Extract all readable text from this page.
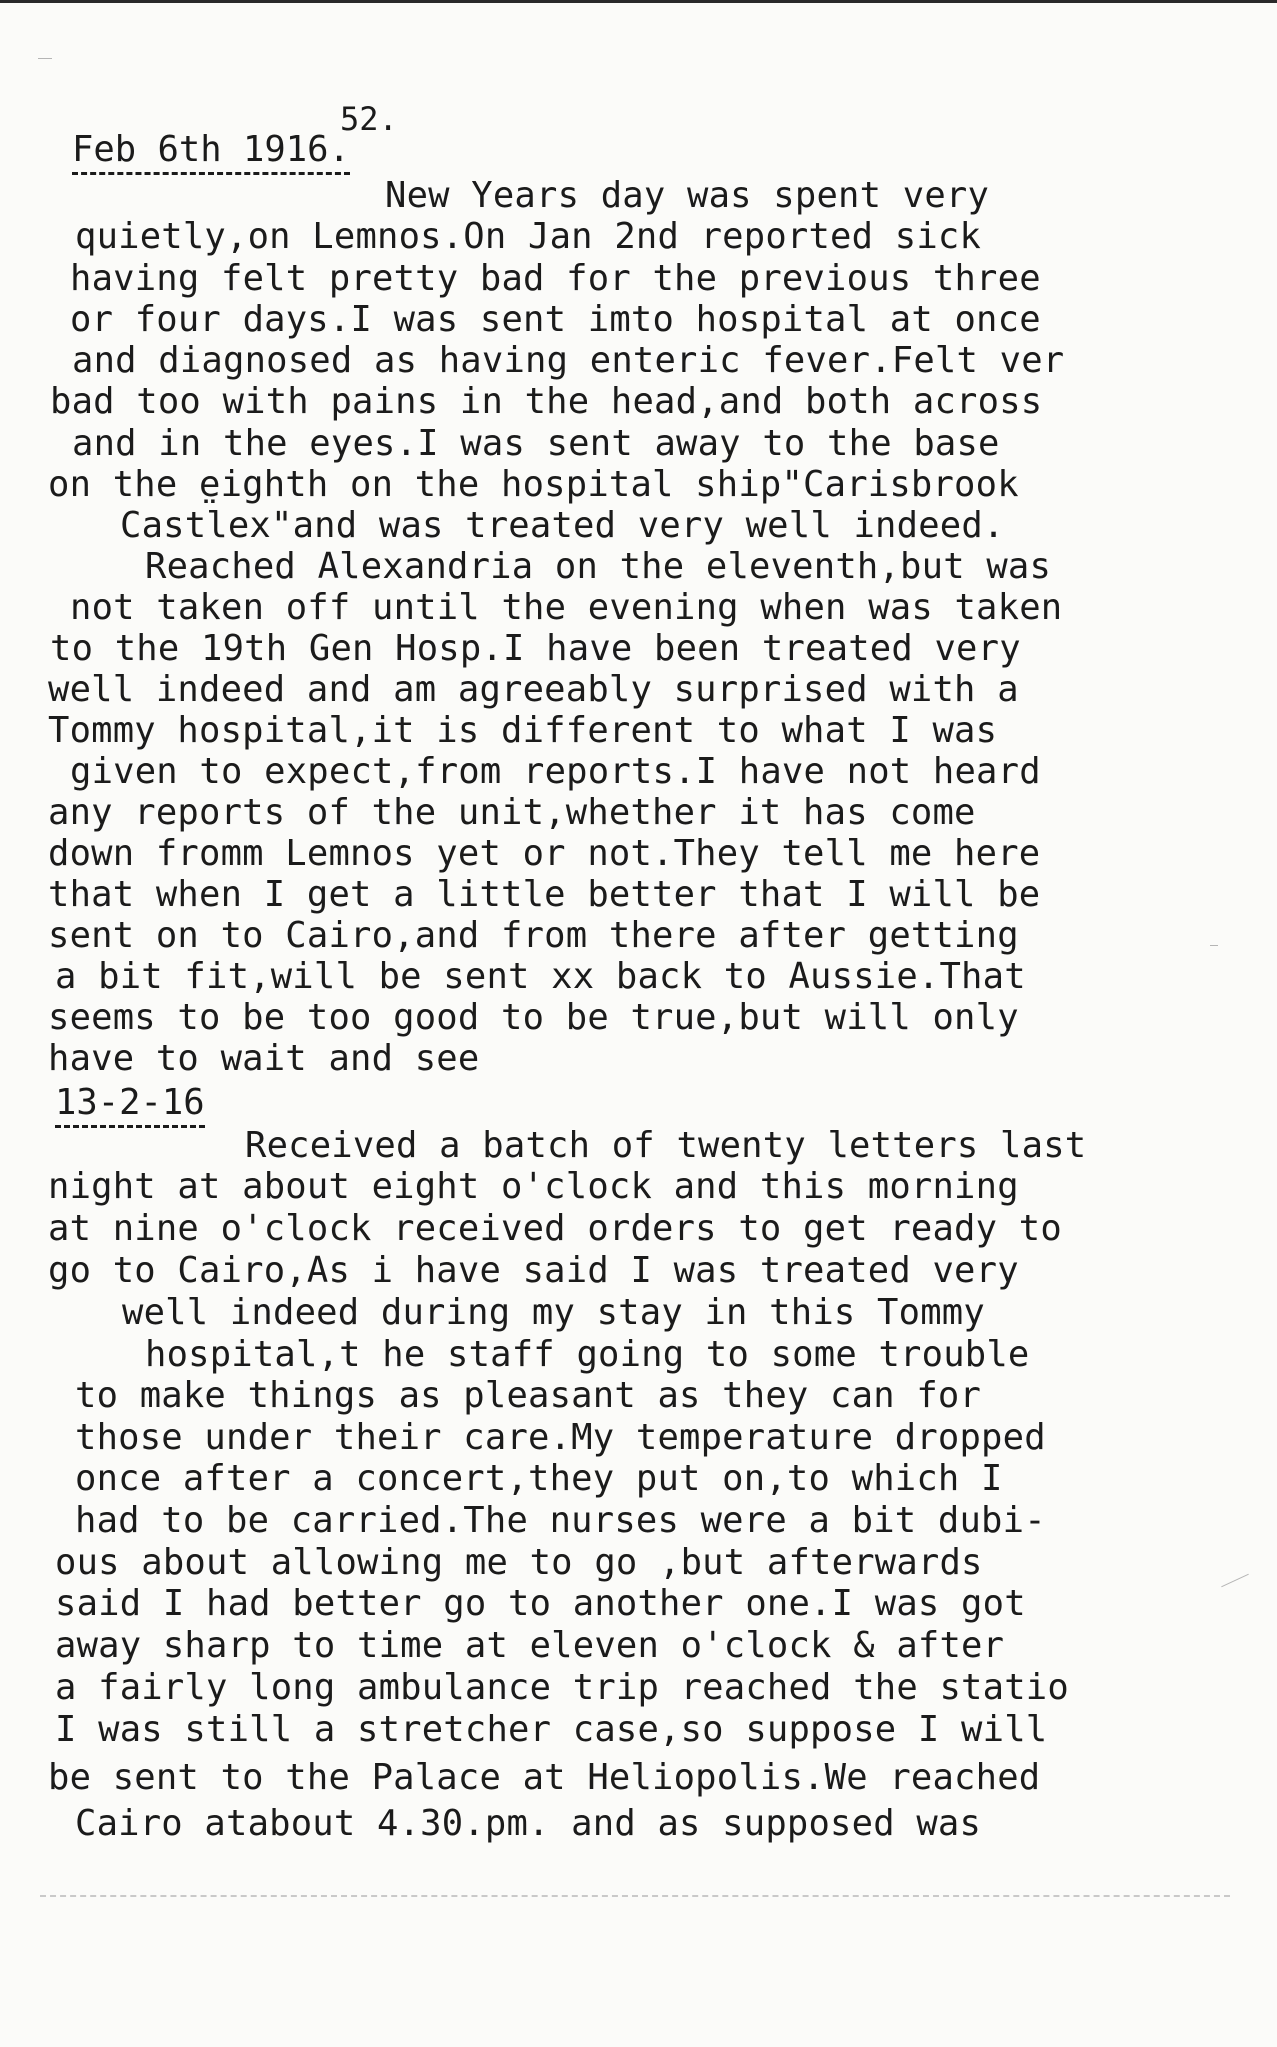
52.
Feb 6th 1916.
New Years day was spent very
quietly,on Lemnos.On Jan 2nd reported sick
having felt pretty bad for the previous three
or four days.I was sent imto hospital at once
and diagnosed as having enteric fever.Felt ver
bad too with pains in the head,and both across
and in the eyes.I was sent away to the base
on the ̤eighth on the hospital ship"Carisbrook
Castlex"and was treated very well indeed.
Reached Alexandria on the eleventh,but was
not taken off until the evening when was taken
to the 19th Gen Hosp.I have been treated very
well indeed and am agreeably surprised with a
Tommy hospital,it is different to what I was
given to expect,from reports.I have not heard
any reports of the unit,whether it has come
down fromm Lemnos yet or not.They tell me here
that when I get a little better that I will be
sent on to Cairo,and from there after getting
a bit fit,will be sent xx back to Aussie.That
seems to be too good to be true,but will only
have to wait and see
13-2-16
Received a batch of twenty letters last
night at about eight o'clock and this morning
at nine o'clock received orders to get ready to
go to Cairo,As i have said I was treated very
well indeed during my stay in this Tommy
hospital,t he staff going to some trouble
to make things as pleasant as they can for
those under their care.My temperature dropped
once after a concert,they put on,to which I
had to be carried.The nurses were a bit dubi-
ous about allowing me to go ,but afterwards
said I had better go to another one.I was got
away sharp to time at eleven o'clock & after
a fairly long ambulance trip reached the statio
I was still a stretcher case,so suppose I will
be sent to the Palace at Heliopolis.We reached
Cairo atabout 4.30.pm. and as supposed was
